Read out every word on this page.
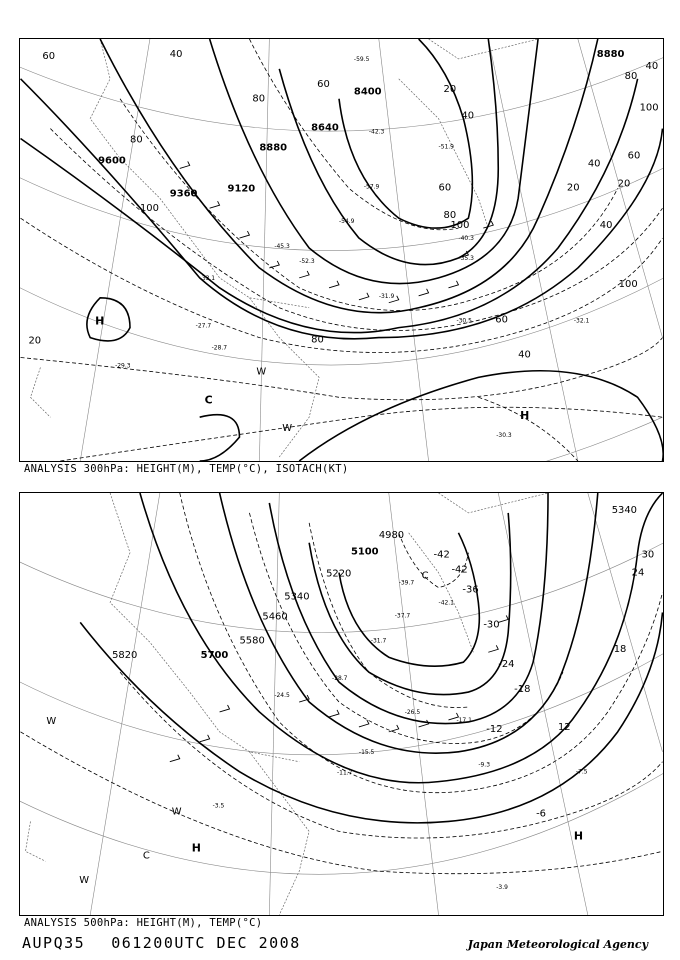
9600
9360	9120
8880
8640
8400
8880
60
80
100
60
80
40
20
40
60
80
100
40
80
100
20
40
60
20
40
100
80
60
40
20
-30.5
-27.7
-28.7
-29.3
-30.3
-32.1
-31.9
-33.1
-35.3
-40.3
-42.3
-51.9
-54.9
-57.9
-59.5
-52.3
-45.3
H
H
C
W
W
ANALYSIS 300hPa: HEIGHT(M), TEMP(°C), ISOTACH(KT)
5820	5700
5580
5460
5340
5220
5100
4980
5340
-42
-42
-36
-30
-24
-18
-12
-6
30
24
18
12
-39.7
-42.1
-37.7
-31.7
-28.7
-24.5
-26.5
-17.1
-15.5
-11.7
-9.3
-7.5
-3.9
-3.5
C
H
H
W
W
C
W
ANALYSIS 500hPa: HEIGHT(M), TEMP(°C)
AUPQ35 061200UTC DEC 2008	Japan Meteorological Agency
